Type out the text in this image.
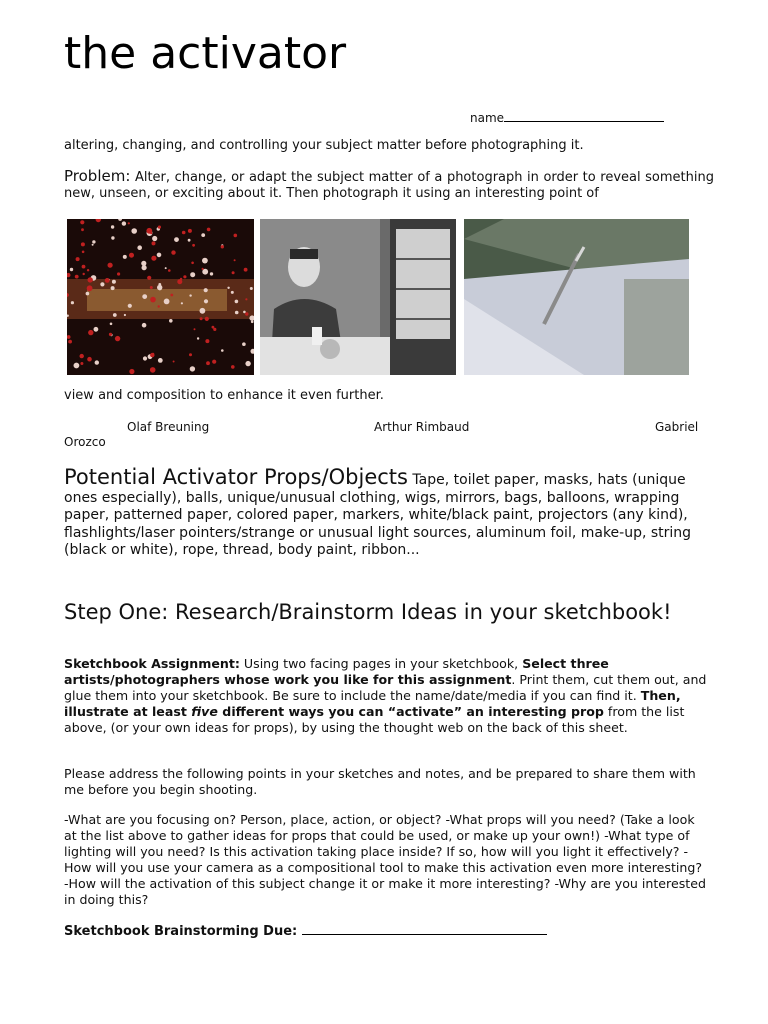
the activator
name

altering, changing, and controlling your subject matter before photographing it.

Problem: Alter, change, or adapt the subject matter of a photograph in order to reveal something new, unseen, or exciting about it. Then photograph it using an interesting point of

view and composition to enhance it even further.

Olaf Breuning	Arthur Rimbaud	Gabriel
Orozco

Potential Activator Props/Objects Tape, toilet paper, masks, hats (unique ones especially), balls, unique/unusual clothing, wigs, mirrors, bags, balloons, wrapping paper, patterned paper, colored paper, markers, white/black paint, projectors (any kind), flashlights/laser pointers/strange or unusual light sources, aluminum foil, make-up, string (black or white), rope, thread, body paint, ribbon...

Step One: Research/Brainstorm Ideas in your sketchbook!

Sketchbook Assignment: Using two facing pages in your sketchbook, Select three artists/photographers whose work you like for this assignment. Print them, cut them out, and glue them into your sketchbook. Be sure to include the name/date/media if you can find it. Then, illustrate at least five different ways you can “activate” an interesting prop from the list above, (or your own ideas for props), by using the thought web on the back of this sheet.

Please address the following points in your sketches and notes, and be prepared to share them with me before you begin shooting.

-What are you focusing on? Person, place, action, or object? -What props will you need? (Take a look at the list above to gather ideas for props that could be used, or make up your own!) -What type of lighting will you need? Is this activation taking place inside? If so, how will you light it effectively? -How will you use your camera as a compositional tool to make this activation even more interesting? -How will the activation of this subject change it or make it more interesting? -Why are you interested in doing this?

Sketchbook Brainstorming Due:
